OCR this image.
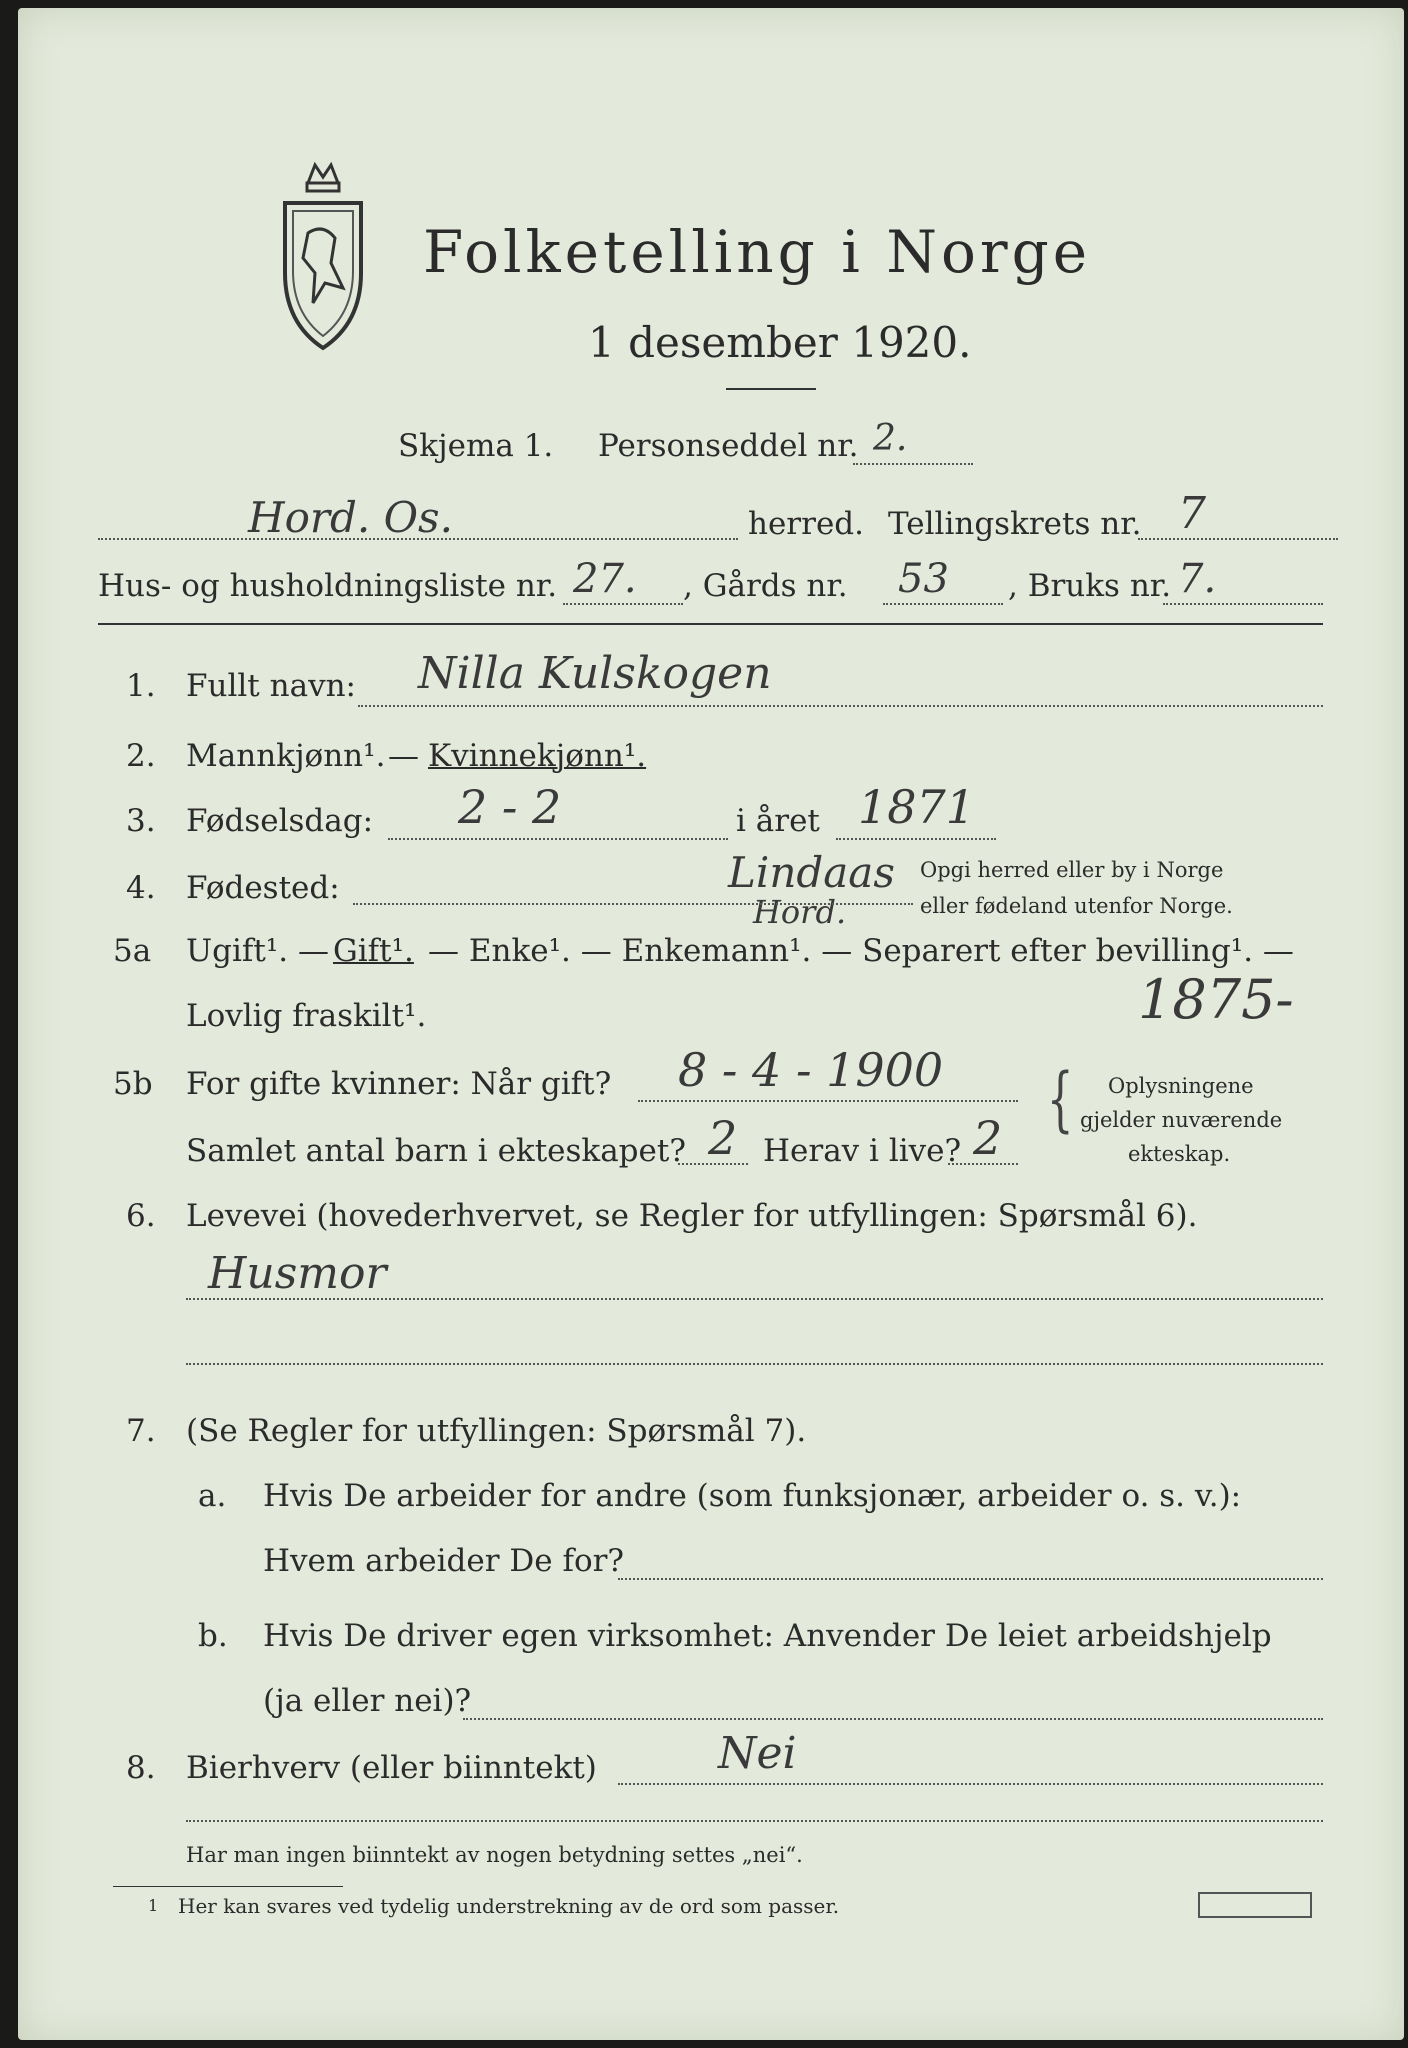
Folketelling i Norge
1 desember 1920.
Skjema 1. Personseddel nr. 2.
Hord. Os.	herred. Tellingskrets nr. 7
Hus- og husholdningsliste nr. 27. , Gårds nr. 53 , Bruks nr. 7.
1. Fullt navn: Nilla Kulskogen
2. Mannkjønn¹. — Kvinnekjønn¹.
3. Fødselsdag: 2 - 2	i året 1871
4. Fødested:	Lindaas
Hord.
Opgi herred eller by i Norge
eller fødeland utenfor Norge.
5a Ugift¹. — Gift¹. — Enke¹. — Enkemann¹. — Separert efter bevilling¹. —
Lovlig fraskilt¹.	1875-
5b For gifte kvinner: Når gift? 8 - 4 - 1900
Samlet antal barn i ekteskapet? 2 Herav i live? 2 { Oplysningene
gjelder nuværende
ekteskap.
6. Levevei (hovederhvervet, se Regler for utfyllingen: Spørsmål 6).
Husmor
7. (Se Regler for utfyllingen: Spørsmål 7).
a. Hvis De arbeider for andre (som funksjonær, arbeider o. s. v.):
Hvem arbeider De for?
b. Hvis De driver egen virksomhet: Anvender De leiet arbeidshjelp
(ja eller nei)?
8. Bierhverv (eller biinntekt)	Nei
Har man ingen biinntekt av nogen betydning settes „nei“.
1 Her kan svares ved tydelig understrekning av de ord som passer.
